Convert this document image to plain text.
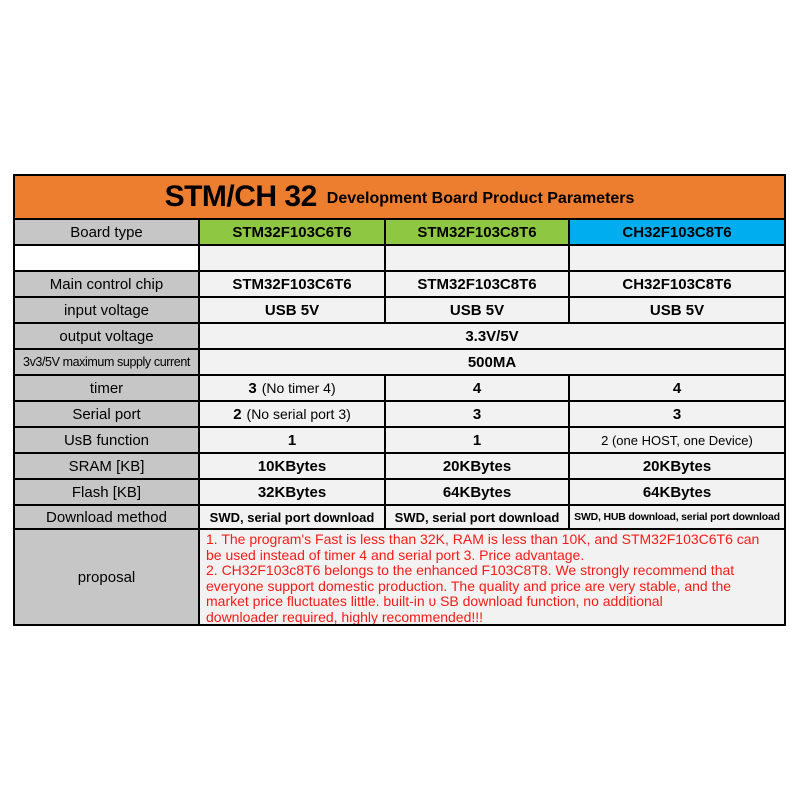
STM/CH 32 Development Board Product Parameters
Board type	STM32F103C6T6	STM32F103C8T6	CH32F103C8T6
Main control chip	STM32F103C6T6	STM32F103C8T6	CH32F103C8T6
input voltage	USB 5V	USB 5V	USB 5V
output voltage	3.3V/5V
3v3/5V maximum supply current	500MA
timer	3 (No timer 4)	4	4
Serial port	2 (No serial port 3)	3	3
UsB function	1	1	2 (one HOST, one Device)
SRAM [KB]	10KBytes	20KBytes	20KBytes
Flash [KB]	32KBytes	64KBytes	64KBytes
Download method	SWD, serial port download	SWD, serial port download	SWD, HUB download, serial port download
proposal
1. The program's Fast is less than 32K, RAM is less than 10K, and STM32F103C6T6 can
be used instead of timer 4 and serial port 3. Price advantage.
2. CH32F103c8T6 belongs to the enhanced F103C8T8. We strongly recommend that
everyone support domestic production. The quality and price are very stable, and the
market price fluctuates little. built-in υ SB download function, no additional
downloader required, highly recommended!!!
